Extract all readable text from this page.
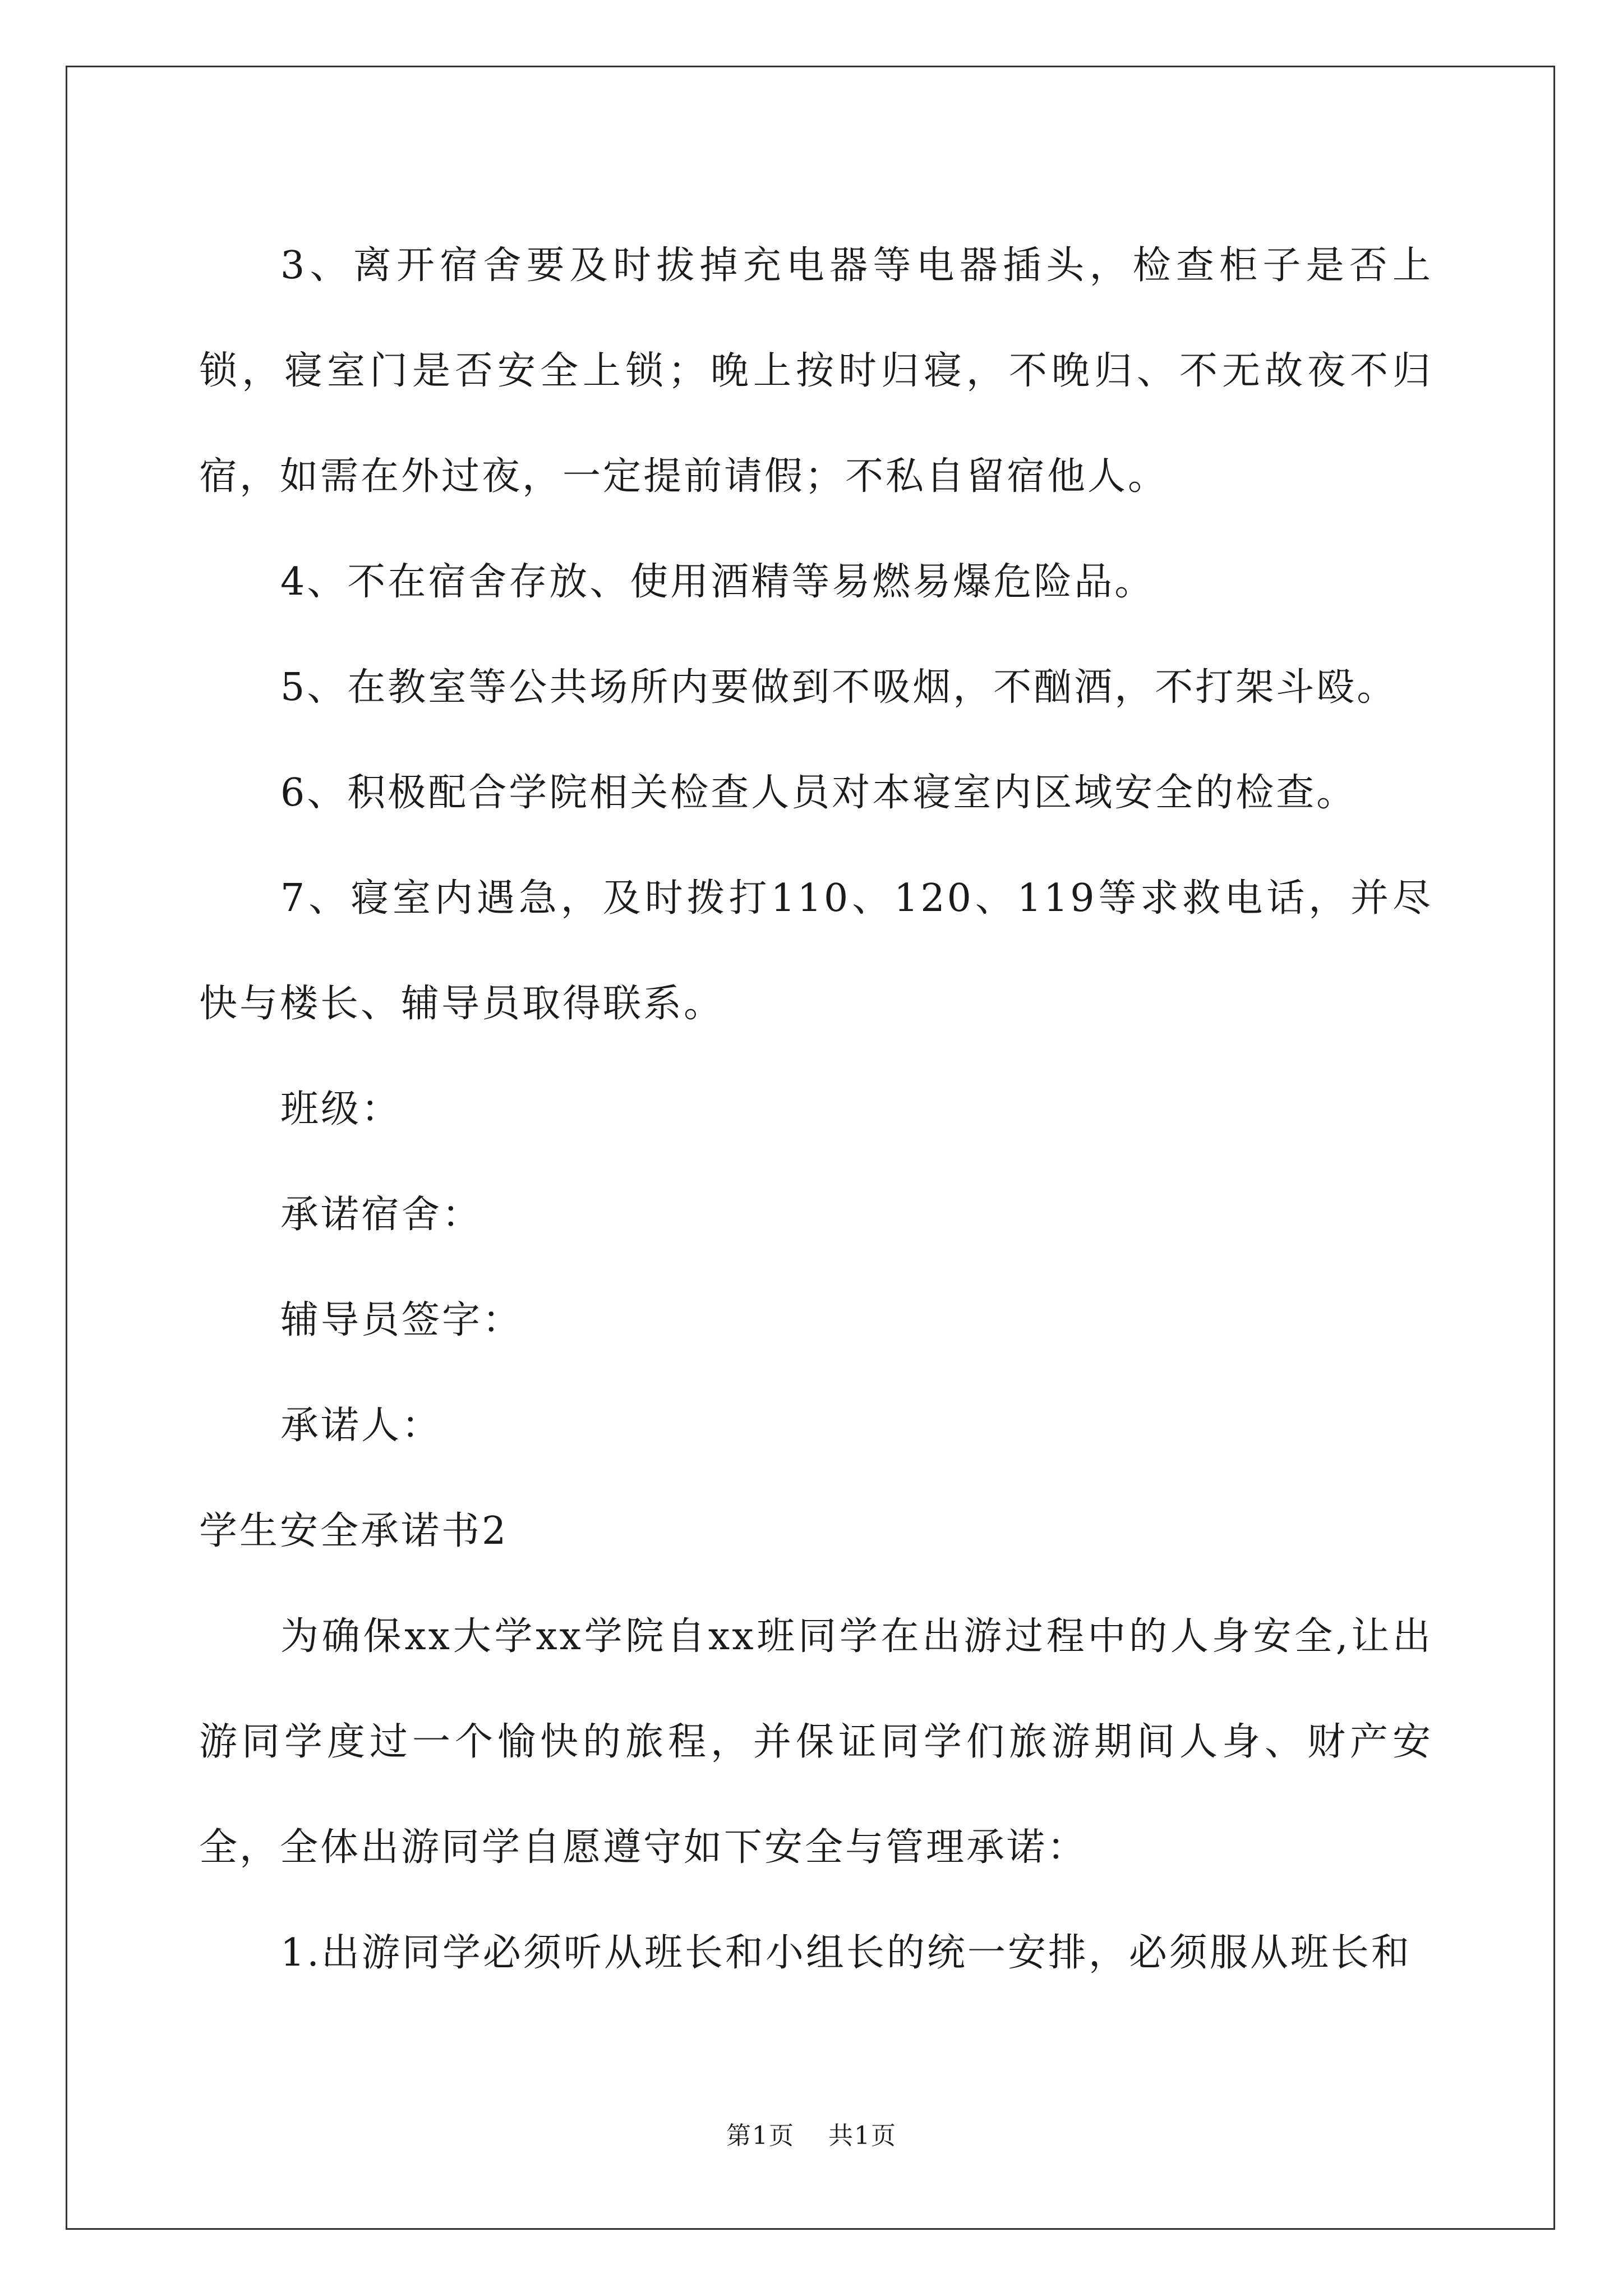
3、离开宿舍要及时拔掉充电器等电器插头，检查柜子是否上锁，寝室门是否安全上锁；晚上按时归寝，不晚归、不无故夜不归宿，如需在外过夜，一定提前请假；不私自留宿他人。

4、不在宿舍存放、使用酒精等易燃易爆危险品。

5、在教室等公共场所内要做到不吸烟，不酗酒，不打架斗殴。

6、积极配合学院相关检查人员对本寝室内区域安全的检查。

7、寝室内遇急，及时拨打110、120、119等求救电话，并尽快与楼长、辅导员取得联系。

班级：

承诺宿舍：

辅导员签字：

承诺人：

学生安全承诺书2

为确保xx大学xx学院自xx班同学在出游过程中的人身安全,让出游同学度过一个愉快的旅程，并保证同学们旅游期间人身、财产安全，全体出游同学自愿遵守如下安全与管理承诺：

1.出游同学必须听从班长和小组长的统一安排，必须服从班长和

第1页 共1页
